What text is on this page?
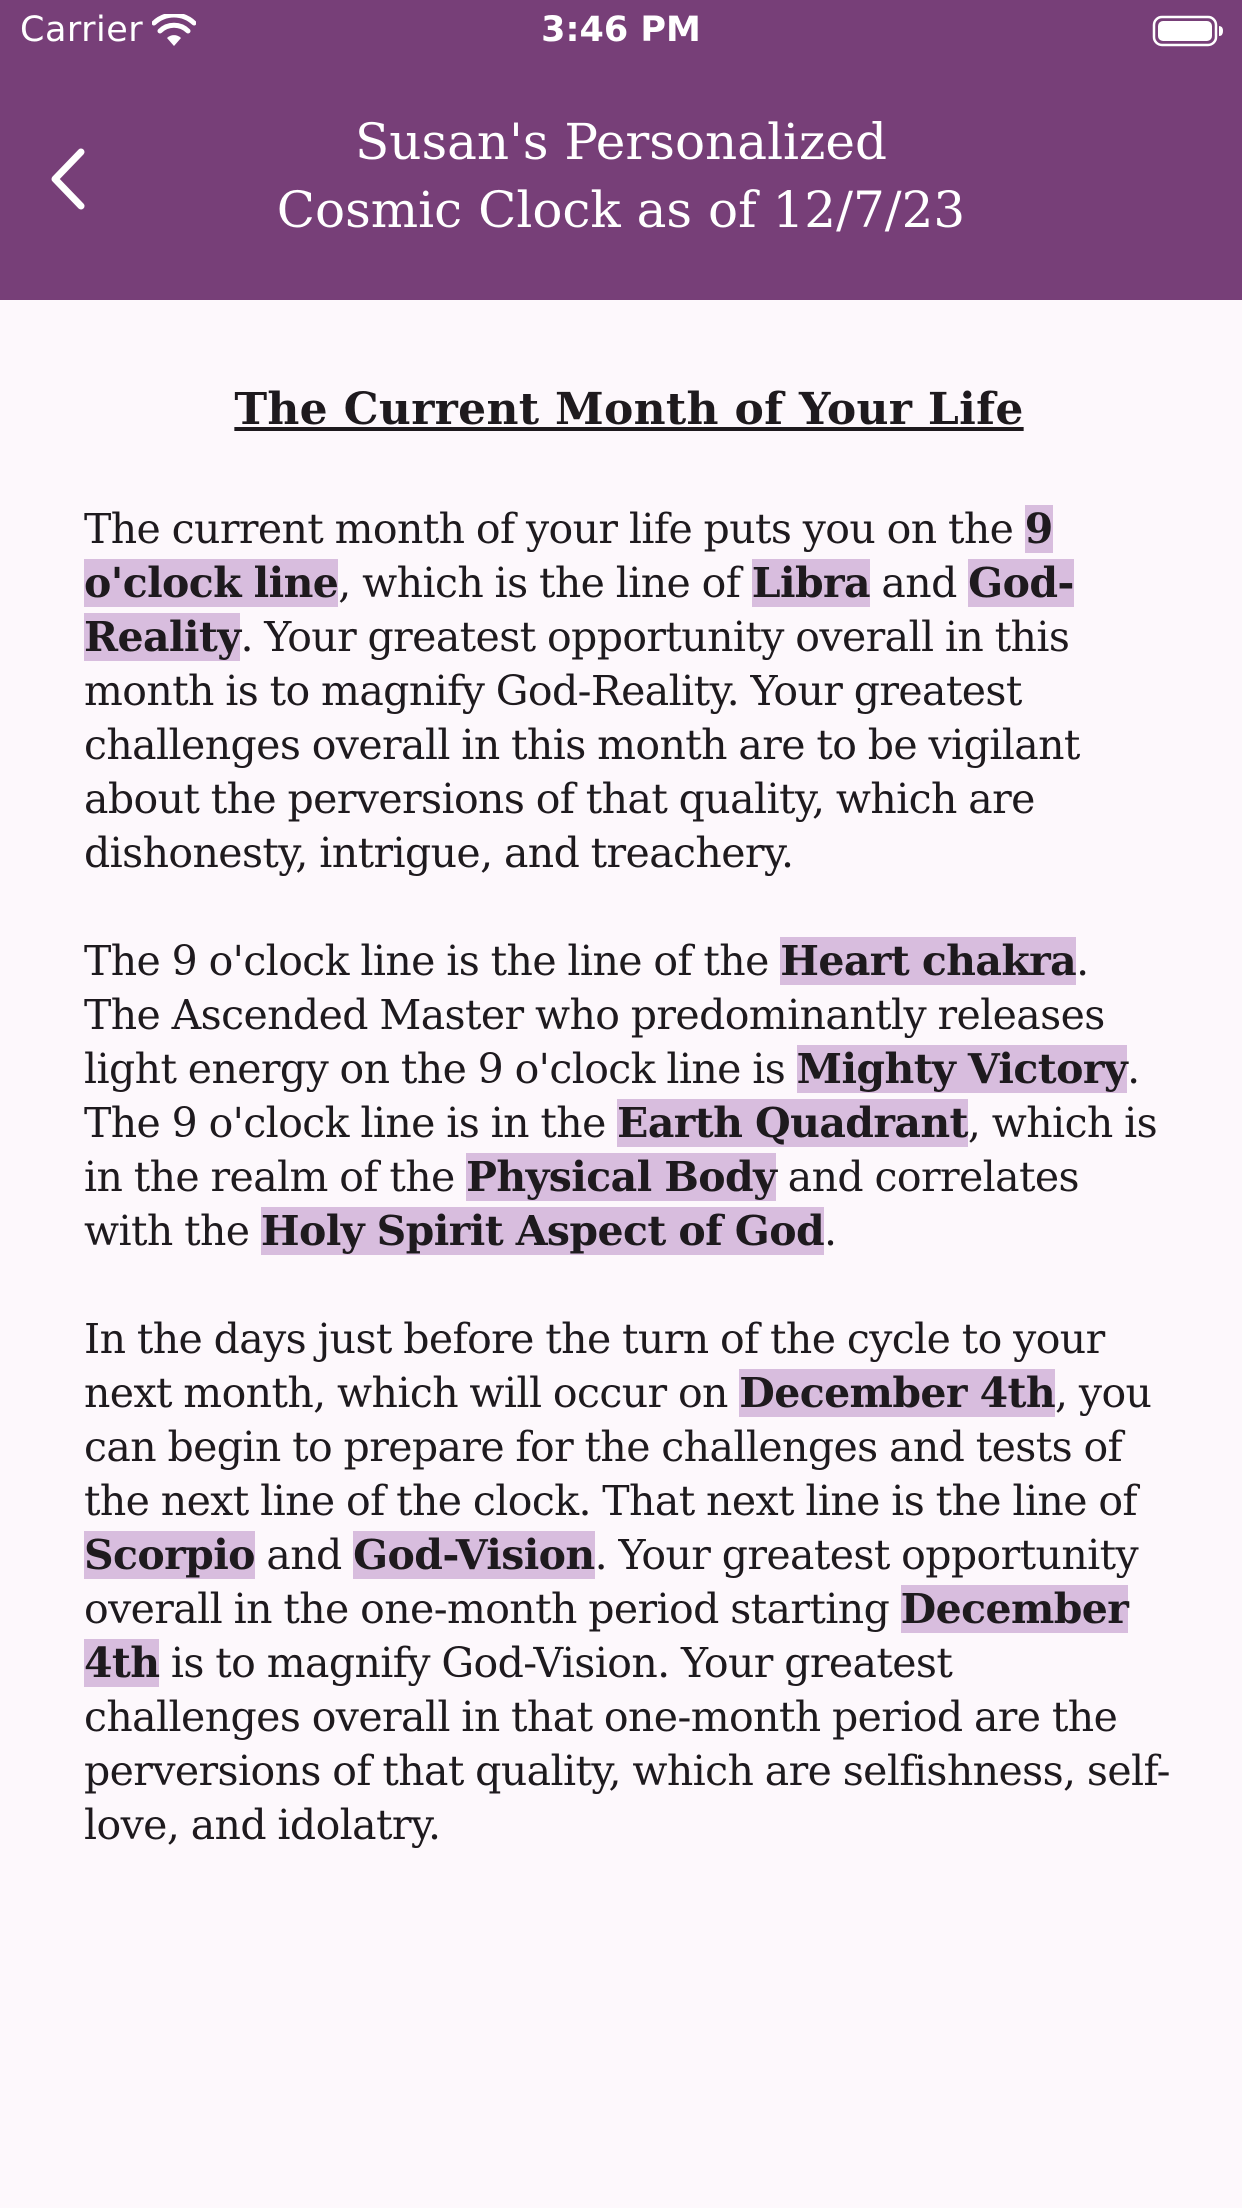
Carrier	3:46 PM
Susan's Personalized
Cosmic Clock as of 12/7/23
The Current Month of Your Life

The current month of your life puts you on the 9 o'clock line, which is the line of Libra and God-Reality. Your greatest opportunity overall in this month is to magnify God-Reality. Your greatest challenges overall in this month are to be vigilant about the perversions of that quality, which are dishonesty, intrigue, and treachery.

The 9 o'clock line is the line of the Heart chakra. The Ascended Master who predominantly releases light energy on the 9 o'clock line is Mighty Victory. The 9 o'clock line is in the Earth Quadrant, which is in the realm of the Physical Body and correlates with the Holy Spirit Aspect of God.

In the days just before the turn of the cycle to your next month, which will occur on December 4th, you can begin to prepare for the challenges and tests of the next line of the clock. That next line is the line of Scorpio and God-Vision. Your greatest opportunity overall in the one-month period starting December 4th is to magnify God-Vision. Your greatest challenges overall in that one-month period are the perversions of that quality, which are selfishness, self-love, and idolatry.
